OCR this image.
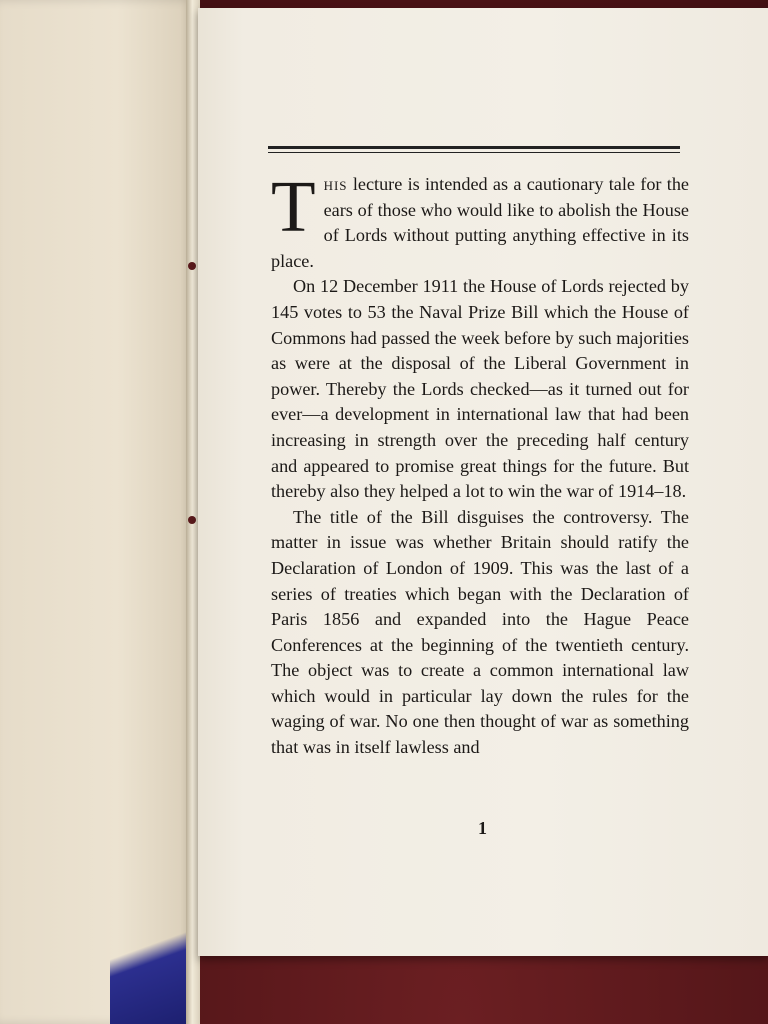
This lecture is intended as a cautionary tale for the ears of those who would like to abolish the House of Lords without putting anything effective in its place.

On 12 December 1911 the House of Lords rejected by 145 votes to 53 the Naval Prize Bill which the House of Commons had passed the week before by such majorities as were at the disposal of the Liberal Government in power. Thereby the Lords checked—as it turned out for ever—a development in international law that had been increasing in strength over the preceding half century and appeared to promise great things for the future. But thereby also they helped a lot to win the war of 1914–18.

The title of the Bill disguises the controversy. The matter in issue was whether Britain should ratify the Declaration of London of 1909. This was the last of a series of treaties which began with the Declaration of Paris 1856 and expanded into the Hague Peace Conferences at the beginning of the twentieth century. The object was to create a common international law which would in particular lay down the rules for the waging of war. No one then thought of war as something that was in itself lawless and

1
